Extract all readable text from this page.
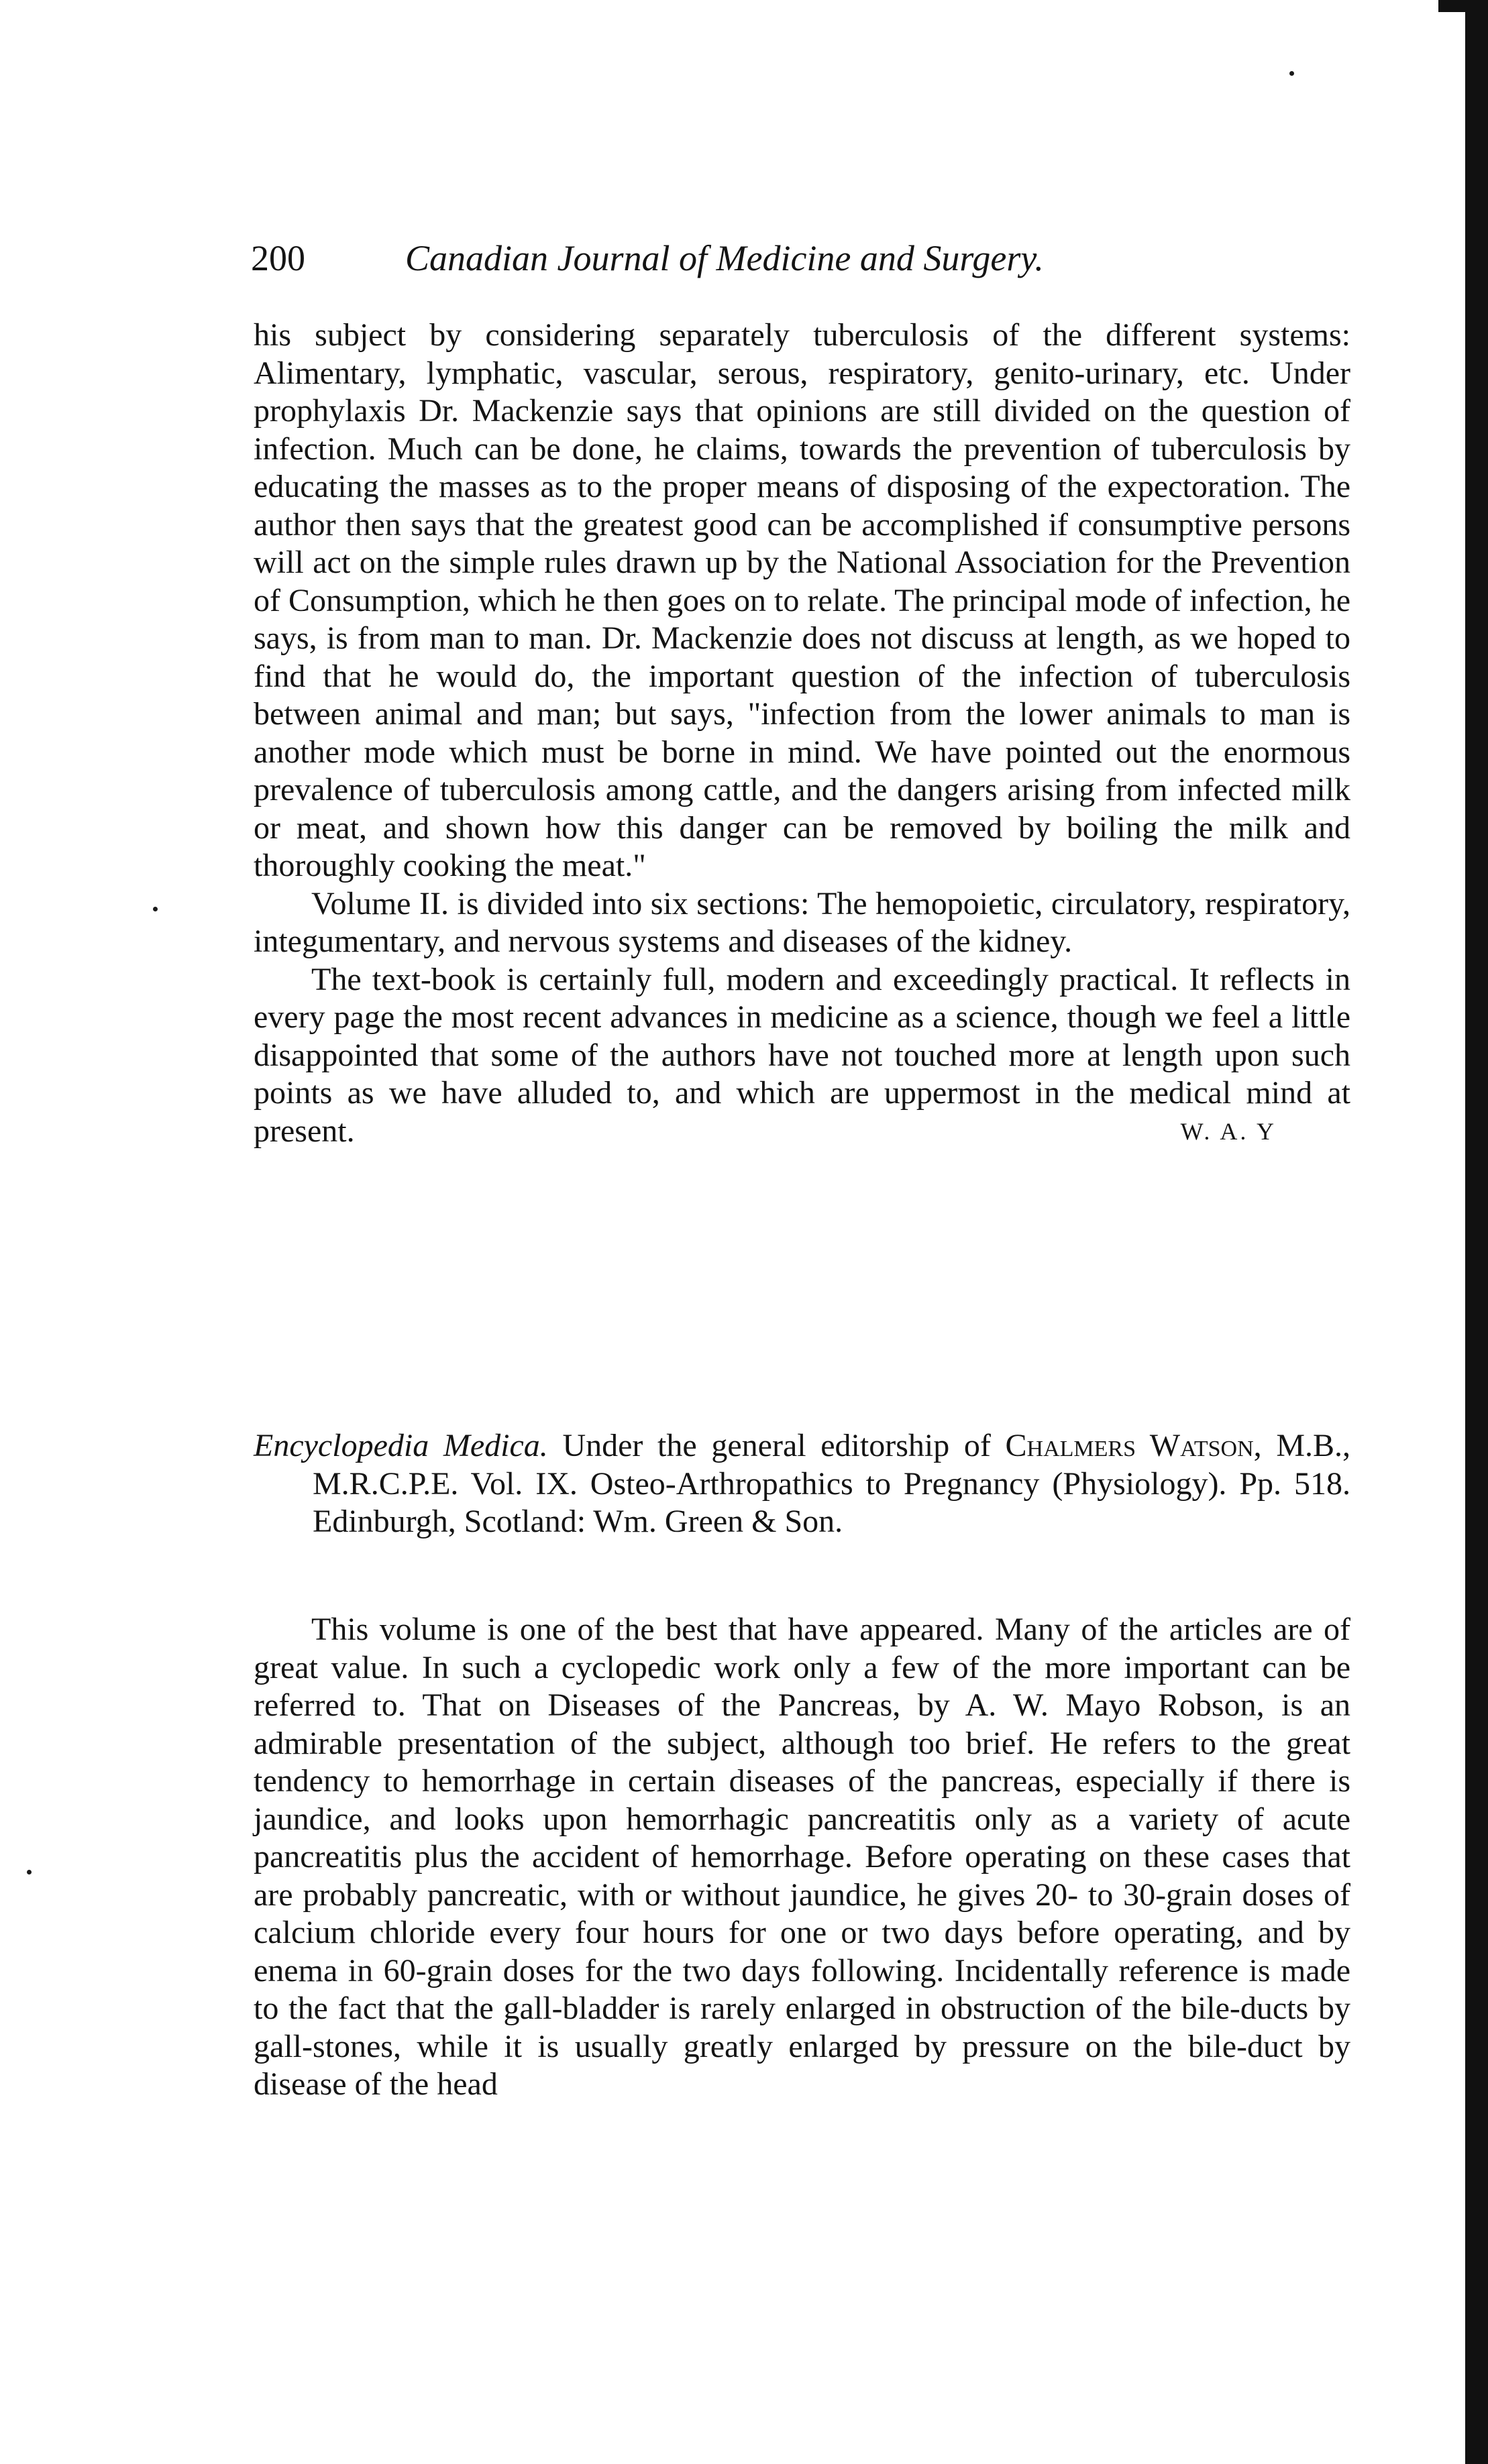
200	Canadian Journal of Medicine and Surgery.

his subject by considering separately tuberculosis of the different systems: Alimentary, lymphatic, vascular, serous, respiratory, genito-urinary, etc. Under prophylaxis Dr. Mackenzie says that opinions are still divided on the question of infection. Much can be done, he claims, towards the prevention of tuberculosis by educating the masses as to the proper means of disposing of the expectoration. The author then says that the greatest good can be accomplished if consumptive persons will act on the simple rules drawn up by the National Association for the Prevention of Consumption, which he then goes on to relate. The principal mode of infection, he says, is from man to man. Dr. Mackenzie does not discuss at length, as we hoped to find that he would do, the important question of the infection of tuberculosis between animal and man; but says, "infection from the lower animals to man is another mode which must be borne in mind. We have pointed out the enormous prevalence of tuberculosis among cattle, and the dangers arising from infected milk or meat, and shown how this danger can be removed by boiling the milk and thoroughly cooking the meat."

Volume II. is divided into six sections: The hemopoietic, circulatory, respiratory, integumentary, and nervous systems and diseases of the kidney.

The text-book is certainly full, modern and exceedingly practical. It reflects in every page the most recent advances in medicine as a science, though we feel a little disappointed that some of the authors have not touched more at length upon such points as we have alluded to, and which are uppermost in the medical mind at present.	W. A. Y
Encyclopedia Medica. Under the general editorship of Chalmers Watson, M.B., M.R.C.P.E. Vol. IX. Osteo-Arthropathics to Pregnancy (Physiology). Pp. 518. Edinburgh, Scotland: Wm. Green & Son.

This volume is one of the best that have appeared. Many of the articles are of great value. In such a cyclopedic work only a few of the more important can be referred to. That on Diseases of the Pancreas, by A. W. Mayo Robson, is an admirable presentation of the subject, although too brief. He refers to the great tendency to hemorrhage in certain diseases of the pancreas, especially if there is jaundice, and looks upon hemorrhagic pancreatitis only as a variety of acute pancreatitis plus the accident of hemorrhage. Before operating on these cases that are probably pancreatic, with or without jaundice, he gives 20- to 30-grain doses of calcium chloride every four hours for one or two days before operating, and by enema in 60-grain doses for the two days following. Incidentally reference is made to the fact that the gall-bladder is rarely enlarged in obstruction of the bile-ducts by gall-stones, while it is usually greatly enlarged by pressure on the bile-duct by disease of the head
